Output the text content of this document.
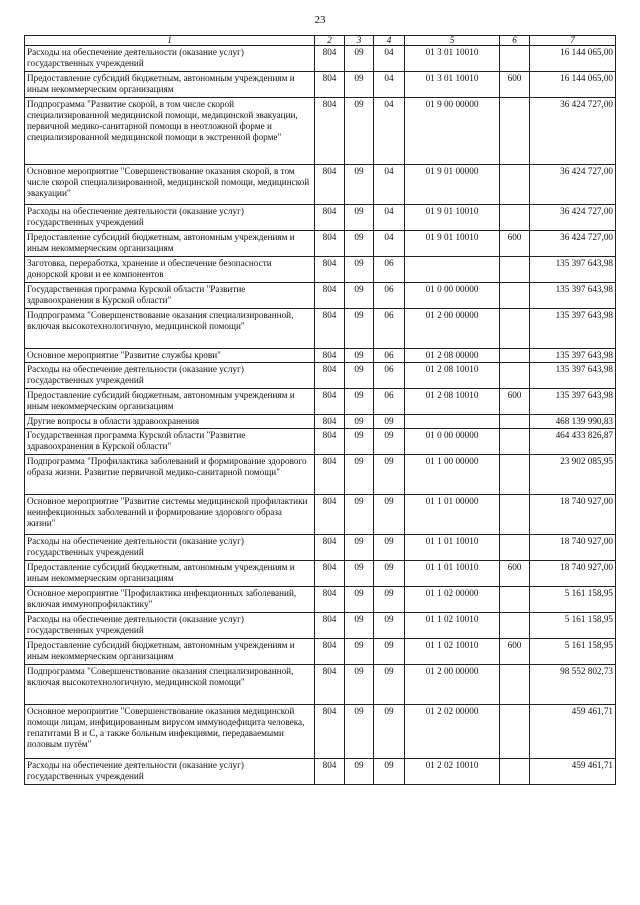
23
1	2	3	4	5	6	7
Расходы на обеспечение деятельности (оказание услуг) государственных учреждений	804	09	04	01 3 01 10010		16 144 065,00
Предоставление субсидий бюджетным, автономным учреждениям и иным некоммерческим организациям	804	09	04	01 3 01 10010	600	16 144 065,00
Подпрограмма "Развитие скорой, в том числе скорой специализированной медицинской помощи, медицинской эвакуации, первичной медико-санитарной помощи в неотложной форме и специализированной медицинской помощи в экстренной форме"	804	09	04	01 9 00 00000		36 424 727,00
Основное мероприятие "Совершенствование оказания скорой, в том числе скорой специализированной, медицинской помощи, медицинской эвакуации"	804	09	04	01 9 01 00000		36 424 727,00
Расходы на обеспечение деятельности (оказание услуг) государственных учреждений	804	09	04	01 9 01 10010		36 424 727,00
Предоставление субсидий бюджетным, автономным учреждениям и иным некоммерческим организациям	804	09	04	01 9 01 10010	600	36 424 727,00
Заготовка, переработка, хранение и обеспечение безопасности донорской крови и ее компонентов	804	09	06			135 397 643,98
Государственная программа Курской области "Развитие здравоохранения в Курской области"	804	09	06	01 0 00 00000		135 397 643,98
Подпрограмма "Совершенствование оказания специализированной, включая высокотехнологичную, медицинской помощи"	804	09	06	01 2 00 00000		135 397 643,98
Основное мероприятие "Развитие службы крови"	804	09	06	01 2 08 00000		135 397 643,98
Расходы на обеспечение деятельности (оказание услуг) государственных учреждений	804	09	06	01 2 08 10010		135 397 643,98
Предоставление субсидий бюджетным, автономным учреждениям и иным некоммерческим организациям	804	09	06	01 2 08 10010	600	135 397 643,98
Другие вопросы в области здравоохранения	804	09	09			468 139 990,83
Государственная программа Курской области "Развитие здравоохранения в Курской области"	804	09	09	01 0 00 00000		464 433 826,87
Подпрограмма "Профилактика заболеваний и формирование здорового образа жизни. Развитие первичной медико-санитарной помощи"	804	09	09	01 1 00 00000		23 902 085,95
Основное мероприятие "Развитие системы медицинской профилактики неинфекционных заболеваний и формирование здорового образа жизни"	804	09	09	01 1 01 00000		18 740 927,00
Расходы на обеспечение деятельности (оказание услуг) государственных учреждений	804	09	09	01 1 01 10010		18 740 927,00
Предоставление субсидий бюджетным, автономным учреждениям и иным некоммерческим организациям	804	09	09	01 1 01 10010	600	18 740 927,00
Основное мероприятие "Профилактика инфекционных заболеваний, включая иммунопрофилактику"	804	09	09	01 1 02 00000		5 161 158,95
Расходы на обеспечение деятельности (оказание услуг) государственных учреждений	804	09	09	01 1 02 10010		5 161 158,95
Предоставление субсидий бюджетным, автономным учреждениям и иным некоммерческим организациям	804	09	09	01 1 02 10010	600	5 161 158,95
Подпрограмма "Совершенствование оказания специализированной, включая высокотехнологичную, медицинской помощи"	804	09	09	01 2 00 00000		98 552 802,73
Основное мероприятие "Совершенствование оказания медицинской помощи лицам, инфицированным вирусом иммунодефицита человека, гепатитами B и C, а также больным инфекциями, передаваемыми половым путём"	804	09	09	01 2 02 00000		459 461,71
Расходы на обеспечение деятельности (оказание услуг) государственных учреждений	804	09	09	01 2 02 10010		459 461,71
